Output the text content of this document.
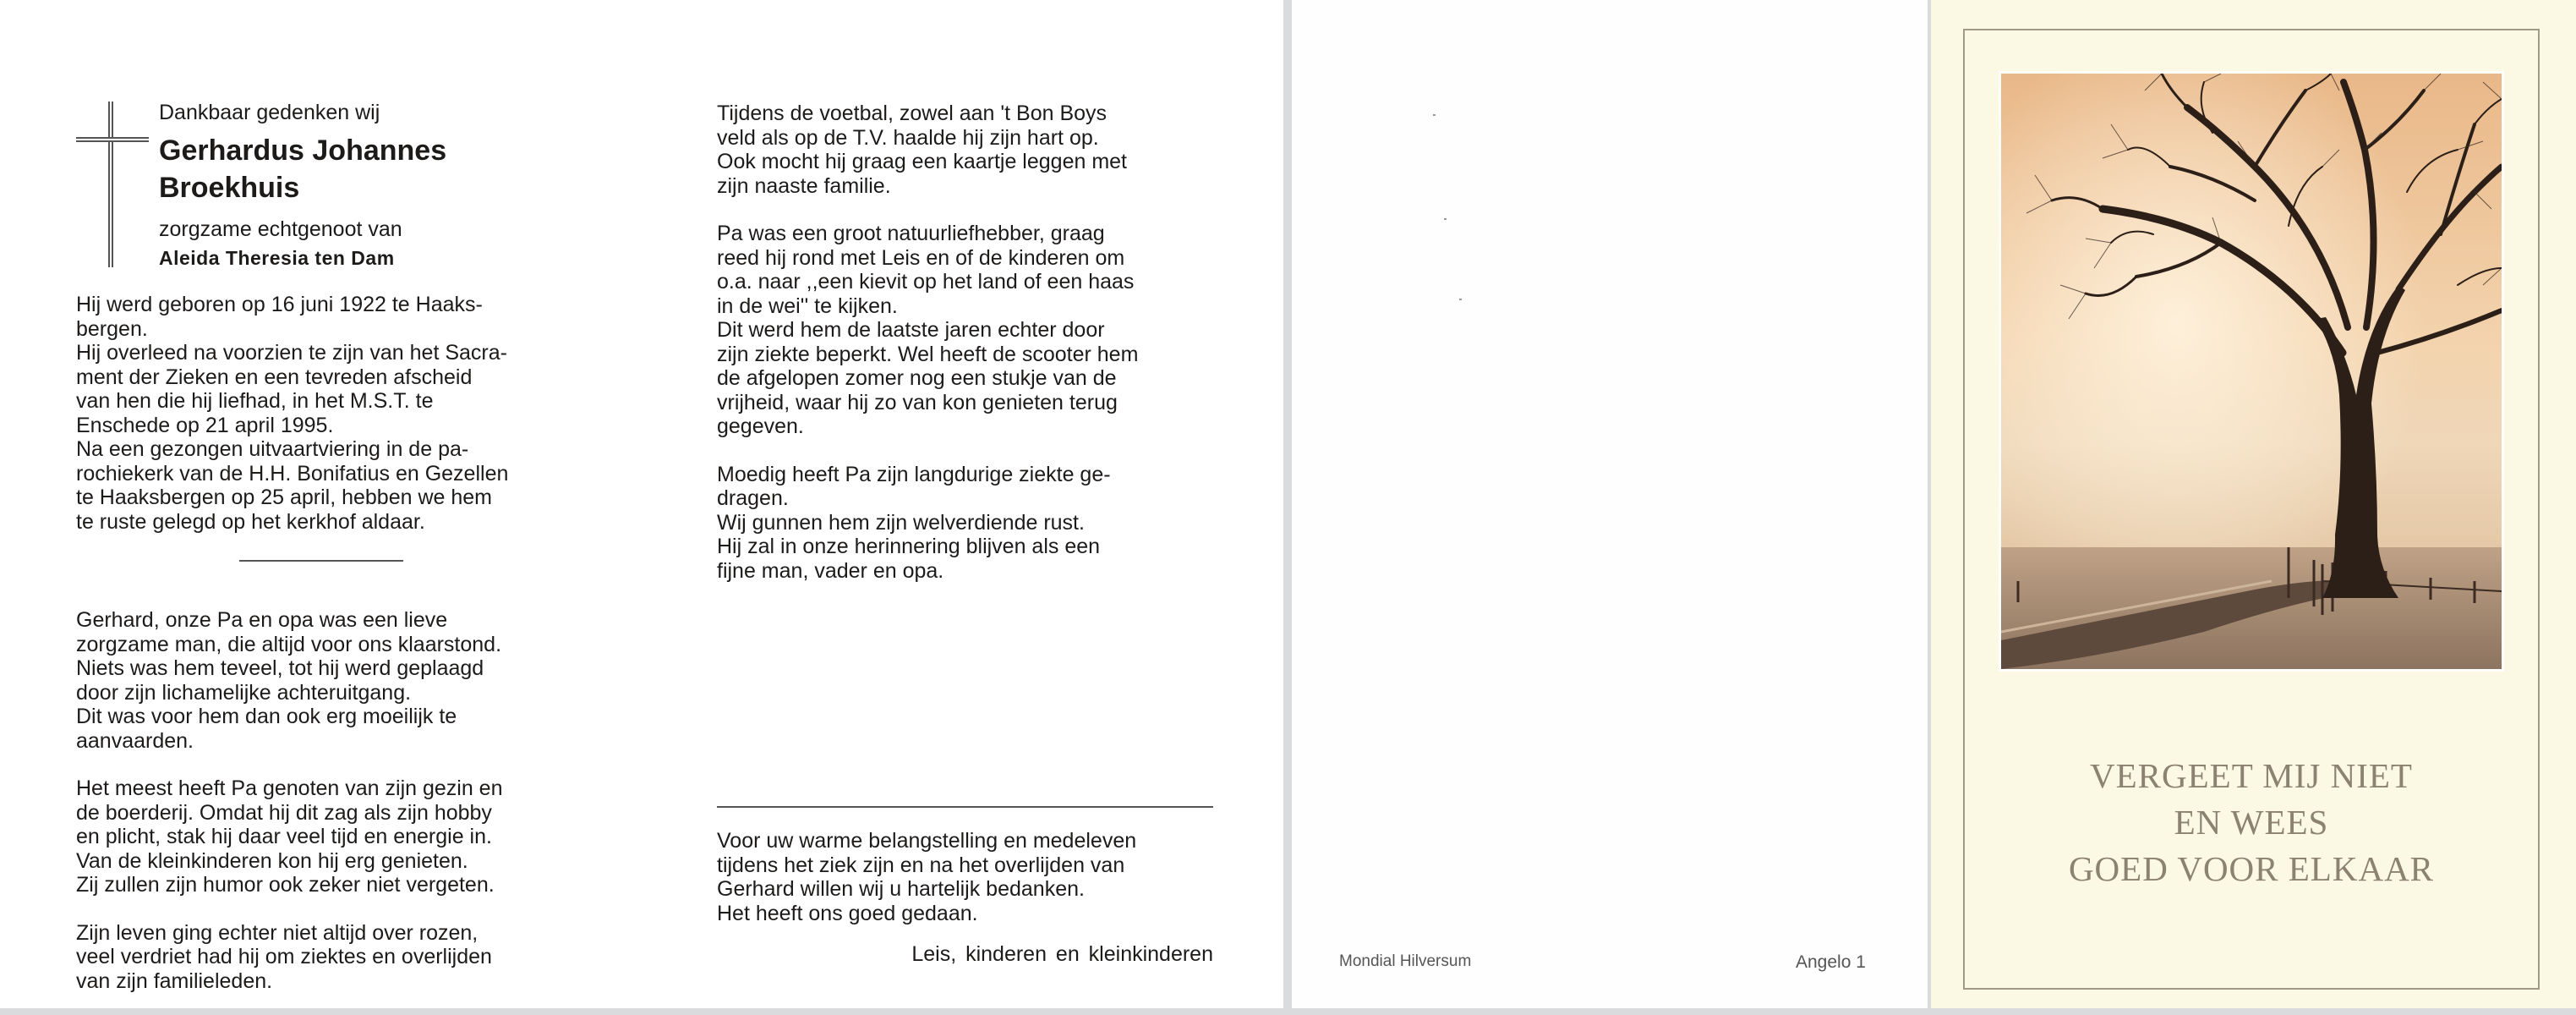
Dankbaar gedenken wij
Gerhardus Johannes
Broekhuis
zorgzame echtgenoot van
Aleida Theresia ten Dam

Hij werd geboren op 16 juni 1922 te Haaks-
bergen.
Hij overleed na voorzien te zijn van het Sacra-
ment der Zieken en een tevreden afscheid
van hen die hij liefhad, in het M.S.T. te
Enschede op 21 april 1995.
Na een gezongen uitvaartviering in de pa-
rochiekerk van de H.H. Bonifatius en Gezellen
te Haaksbergen op 25 april, hebben we hem
te ruste gelegd op het kerkhof aldaar.

Gerhard, onze Pa en opa was een lieve
zorgzame man, die altijd voor ons klaarstond.
Niets was hem teveel, tot hij werd geplaagd
door zijn lichamelijke achteruitgang.
Dit was voor hem dan ook erg moeilijk te
aanvaarden.

Het meest heeft Pa genoten van zijn gezin en
de boerderij. Omdat hij dit zag als zijn hobby
en plicht, stak hij daar veel tijd en energie in.
Van de kleinkinderen kon hij erg genieten.
Zij zullen zijn humor ook zeker niet vergeten.

Zijn leven ging echter niet altijd over rozen,
veel verdriet had hij om ziektes en overlijden
van zijn familieleden.

Tijdens de voetbal, zowel aan 't Bon Boys
veld als op de T.V. haalde hij zijn hart op.
Ook mocht hij graag een kaartje leggen met
zijn naaste familie.

Pa was een groot natuurliefhebber, graag
reed hij rond met Leis en of de kinderen om
o.a. naar ,,een kievit op het land of een haas
in de wei'' te kijken.
Dit werd hem de laatste jaren echter door
zijn ziekte beperkt. Wel heeft de scooter hem
de afgelopen zomer nog een stukje van de
vrijheid, waar hij zo van kon genieten terug
gegeven.

Moedig heeft Pa zijn langdurige ziekte ge-
dragen.
Wij gunnen hem zijn welverdiende rust.
Hij zal in onze herinnering blijven als een
fijne man, vader en opa.

Voor uw warme belangstelling en medeleven
tijdens het ziek zijn en na het overlijden van
Gerhard willen wij u hartelijk bedanken.
Het heeft ons goed gedaan.

Leis, kinderen en kleinkinderen	Mondial Hilversum	Angelo 1
VERGEET MIJ NIET
EN WEES
GOED VOOR ELKAAR
